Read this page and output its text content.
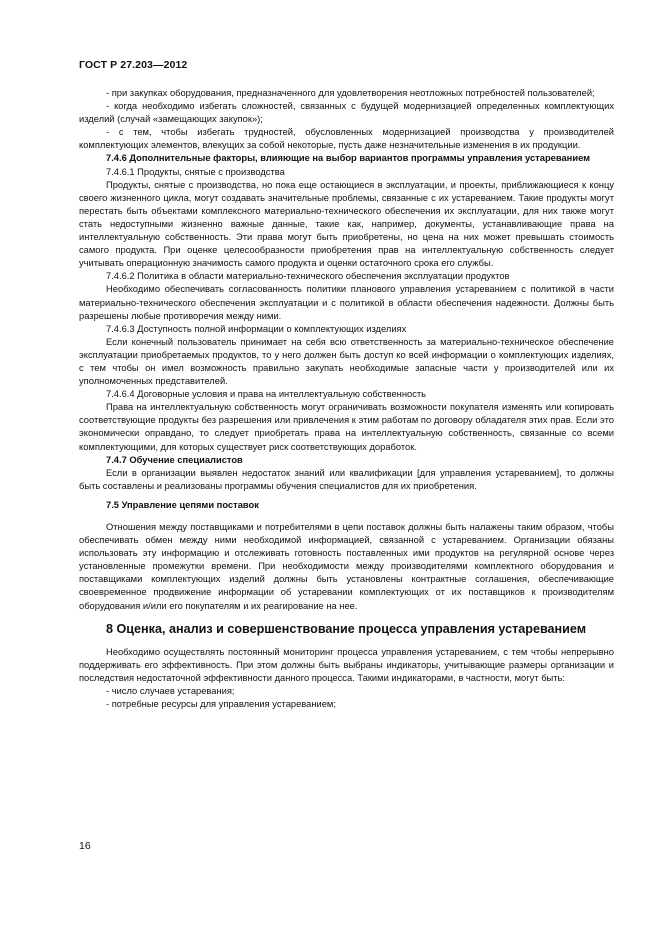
ГОСТ Р 27.203—2012

- при закупках оборудования, предназначенного для удовлетворения неотложных потребностей пользователей;

- когда необходимо избегать сложностей, связанных с будущей модернизацией определенных комплектующих изделий (случай «замещающих закупок»);

- с тем, чтобы избегать трудностей, обусловленных модернизацией производства у производителей комплектующих элементов, влекущих за собой некоторые, пусть даже незначительные изменения в их продукции.

7.4.6 Дополнительные факторы, влияющие на выбор вариантов программы управления устареванием

7.4.6.1 Продукты, снятые с производства

Продукты, снятые с производства, но пока еще остающиеся в эксплуатации, и проекты, приближающиеся к концу своего жизненного цикла, могут создавать значительные проблемы, связанные с их устареванием. Такие продукты могут перестать быть объектами комплексного материально-технического обеспечения их эксплуатации, для них также могут стать недоступными жизненно важные данные, такие как, например, документы, устанавливающие права на интеллектуальную собственность. Эти права могут быть приобретены, но цена на них может превышать стоимость самого продукта. При оценке целесообразности приобретения прав на интеллектуальную собственность следует учитывать операционную значимость самого продукта и оценки остаточного срока его службы.

7.4.6.2 Политика в области материально-технического обеспечения эксплуатации продуктов

Необходимо обеспечивать согласованность политики планового управления устареванием с политикой в части материально-технического обеспечения эксплуатации и с политикой в области обеспечения надежности. Должны быть разрешены любые противоречия между ними.

7.4.6.3 Доступность полной информации о комплектующих изделиях

Если конечный пользователь принимает на себя всю ответственность за материально-техническое обеспечение эксплуатации приобретаемых продуктов, то у него должен быть доступ ко всей информации о комплектующих изделиях, с тем чтобы он имел возможность правильно закупать необходимые запасные части у производителей или их уполномоченных представителей.

7.4.6.4 Договорные условия и права на интеллектуальную собственность

Права на интеллектуальную собственность могут ограничивать возможности покупателя изменять или копировать соответствующие продукты без разрешения или привлечения к этим работам по договору обладателя этих прав. Если это экономически оправдано, то следует приобретать права на интеллектуальную собственность, связанные со всеми комплектующими, для которых существует риск соответствующих доработок.

7.4.7 Обучение специалистов

Если в организации выявлен недостаток знаний или квалификации [для управления устареванием], то должны быть составлены и реализованы программы обучения специалистов для их приобретения.

7.5 Управление цепями поставок

Отношения между поставщиками и потребителями в цепи поставок должны быть налажены таким образом, чтобы обеспечивать обмен между ними необходимой информацией, связанной с устареванием. Организации обязаны использовать эту информацию и отслеживать готовность поставленных ими продуктов на регулярной основе через установленные промежутки времени. При необходимости между производителями комплектного оборудования и поставщиками комплектующих изделий должны быть установлены контрактные соглашения, обеспечивающие своевременное продвижение информации об устаревании комплектующих от их поставщиков к производителям оборудования и/или его покупателям и их реагирование на нее.

8 Оценка, анализ и совершенствование процесса управления устареванием

Необходимо осуществлять постоянный мониторинг процесса управления устареванием, с тем чтобы непрерывно поддерживать его эффективность. При этом должны быть выбраны индикаторы, учитывающие размеры организации и последствия недостаточной эффективности данного процесса. Такими индикаторами, в частности, могут быть:

- число случаев устаревания;

- потребные ресурсы для управления устареванием;

16
